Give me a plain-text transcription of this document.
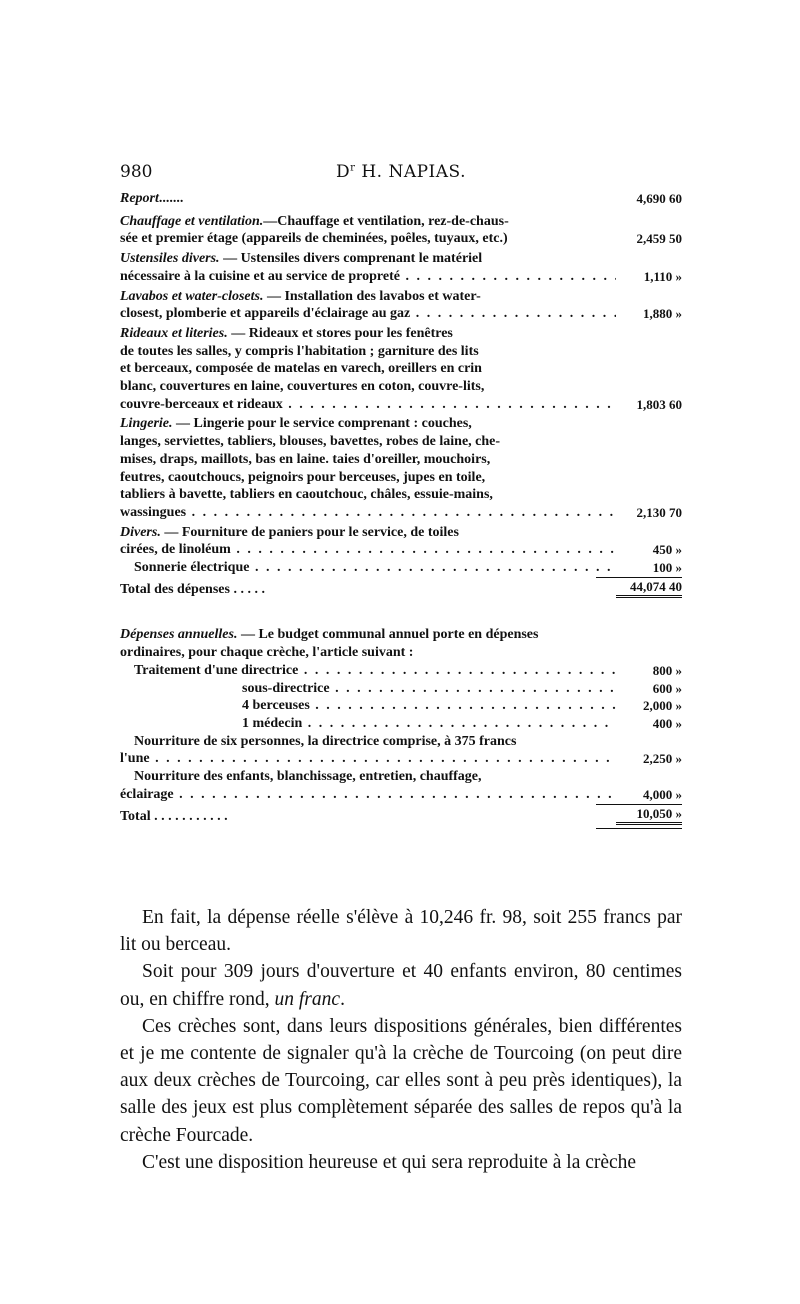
980	$D^r$ H. NAPIAS.
Report.......	4,690 60
Chauffage et ventilation.—Chauffage et ventilation, rez-de-chaus-
sée et premier étage (appareils de cheminées, poêles, tuyaux, etc.)	2,459 50
Ustensiles divers. — Ustensiles divers comprenant le matériel
nécessaire à la cuisine et au service de propreté . . .	1,110 »
Lavabos et water-closets. — Installation des lavabos et water-
closest, plomberie et appareils d'éclairage au gaz . . .	1,880 »
Rideaux et literies. — Rideaux et stores pour les fenêtres
de toutes les salles, y compris l'habitation ; garniture des lits
et berceaux, composée de matelas en varech, oreillers en crin
blanc, couvertures en laine, couvertures en coton, couvre-lits,
couvre-berceaux et rideaux . . .	1,803 60
Lingerie. — Lingerie pour le service comprenant : couches,
langes, serviettes, tabliers, blouses, bavettes, robes de laine, che-
mises, draps, maillots, bas en laine. taies d'oreiller, mouchoirs,
feutres, caoutchoucs, peignoirs pour berceuses, jupes en toile,
tabliers à bavette, tabliers en caoutchouc, châles, essuie-mains,
wassingues . . .	2,130 70
Divers. — Fourniture de paniers pour le service, de toiles
cirées, de linoléum . . .	450 »
Sonnerie électrique . . .	100 »
Total des dépenses . . . . .	44,074 40
Dépenses annuelles. — Le budget communal annuel porte en dépenses
ordinaires, pour chaque crèche, l'article suivant :
Traitement d'une directrice . . .	800 »
sous-directrice . . .	600 »
4 berceuses . . .	2,000 »
1 médecin . . .	400 »
Nourriture de six personnes, la directrice comprise, à 375 francs
l'une . . .	2,250 »
Nourriture des enfants, blanchissage, entretien, chauffage,
éclairage . . .	4,000 »
Total . . . . . . . . . . .	10,050 »

En fait, la dépense réelle s'élève à 10,246 fr. 98, soit 255 francs par lit ou berceau.

Soit pour 309 jours d'ouverture et 40 enfants environ, 80 centimes ou, en chiffre rond, un franc.

Ces crèches sont, dans leurs dispositions générales, bien différentes et je me contente de signaler qu'à la crèche de Tourcoing (on peut dire aux deux crèches de Tourcoing, car elles sont à peu près identiques), la salle des jeux est plus complètement séparée des salles de repos qu'à la crèche Fourcade.

C'est une disposition heureuse et qui sera reproduite à la crèche
